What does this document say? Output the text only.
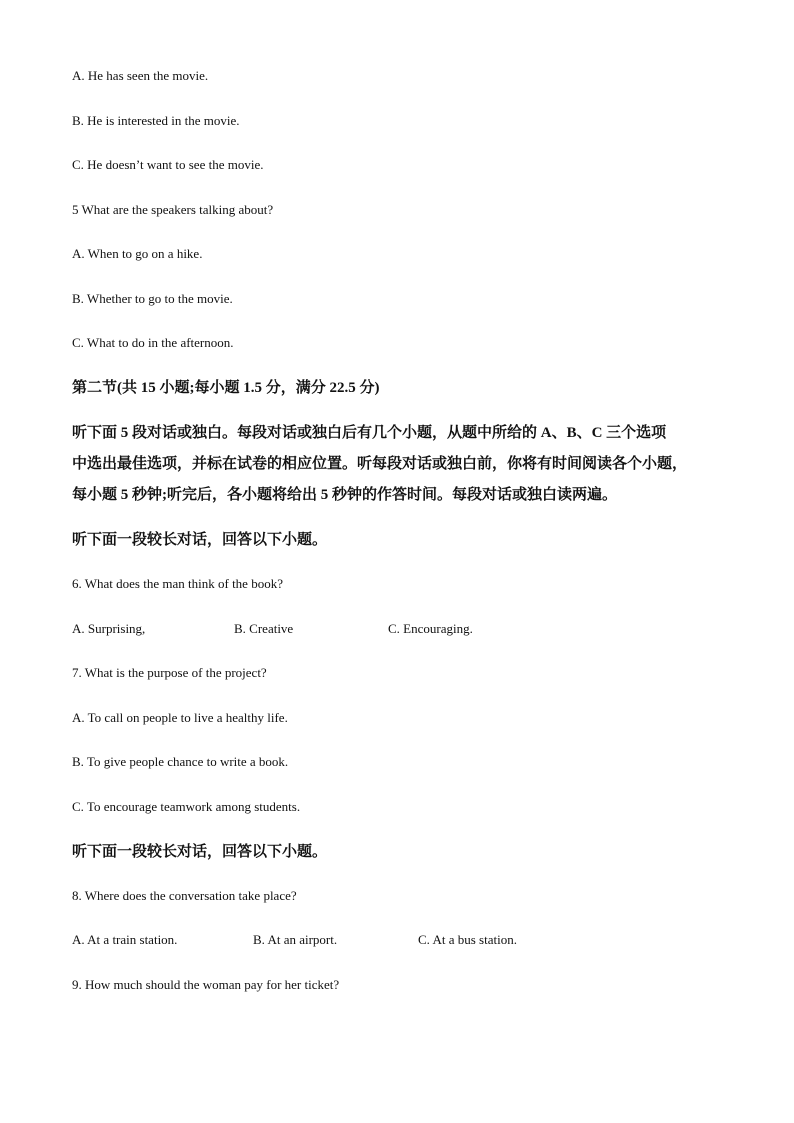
A. He has seen the movie.
B. He is interested in the movie.
C. He doesn’t want to see the movie.
5 What are the speakers talking about?
A. When to go on a hike.
B. Whether to go to the movie.
C. What to do in the afternoon.
第二节(共 15 小题;每小题 1.5 分，满分 22.5 分)
听下面 5 段对话或独白。每段对话或独白后有几个小题，从题中所给的 A、B、C 三个选项
中选出最佳选项，并标在试卷的相应位置。听每段对话或独白前，你将有时间阅读各个小题，
每小题 5 秒钟;听完后，各小题将给出 5 秒钟的作答时间。每段对话或独白读两遍。
听下面一段较长对话，回答以下小题。
6. What does the man think of the book?
A. Surprising,	B. Creative	C. Encouraging.
7. What is the purpose of the project?
A. To call on people to live a healthy life.
B. To give people chance to write a book.
C. To encourage teamwork among students.
听下面一段较长对话，回答以下小题。
8. Where does the conversation take place?
A. At a train station.	B. At an airport.	C. At a bus station.
9. How much should the woman pay for her ticket?
